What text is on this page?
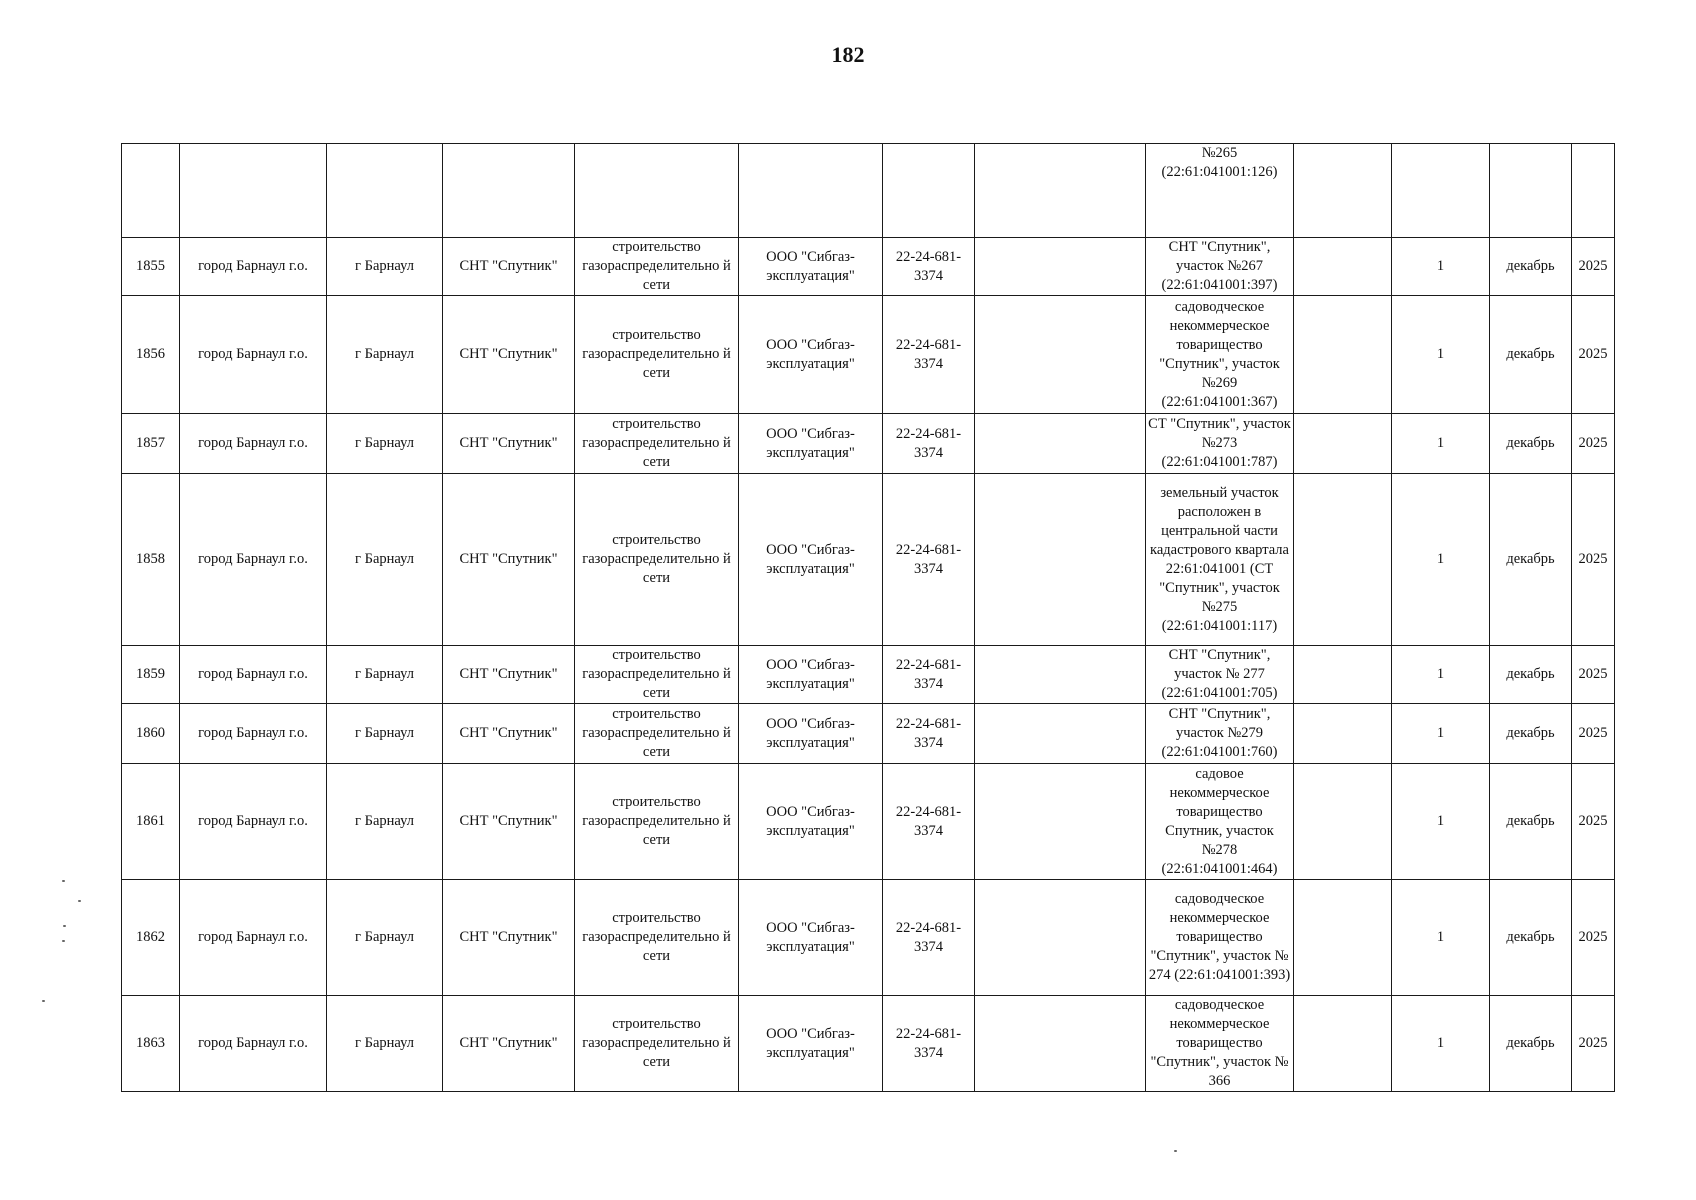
182
								№265 (22:61:041001:126)				
1855	город Барнаул г.о.	г Барнаул	СНТ "Спутник"	строительство газораспределительно й сети	ООО "Сибгаз-эксплуатация"	22-24-681-3374		СНТ "Спутник", участок №267 (22:61:041001:397)		1	декабрь	2025
1856	город Барнаул г.о.	г Барнаул	СНТ "Спутник"	строительство газораспределительно й сети	ООО "Сибгаз-эксплуатация"	22-24-681-3374		садоводческое некоммерческое товарищество "Спутник", участок №269 (22:61:041001:367)		1	декабрь	2025
1857	город Барнаул г.о.	г Барнаул	СНТ "Спутник"	строительство газораспределительно й сети	ООО "Сибгаз-эксплуатация"	22-24-681-3374		СТ "Спутник", участок №273 (22:61:041001:787)		1	декабрь	2025
1858	город Барнаул г.о.	г Барнаул	СНТ "Спутник"	строительство газораспределительно й сети	ООО "Сибгаз-эксплуатация"	22-24-681-3374		земельный участок расположен в центральной части кадастрового квартала 22:61:041001 (СТ "Спутник", участок №275 (22:61:041001:117)		1	декабрь	2025
1859	город Барнаул г.о.	г Барнаул	СНТ "Спутник"	строительство газораспределительно й сети	ООО "Сибгаз-эксплуатация"	22-24-681-3374		СНТ "Спутник", участок № 277 (22:61:041001:705)		1	декабрь	2025
1860	город Барнаул г.о.	г Барнаул	СНТ "Спутник"	строительство газораспределительно й сети	ООО "Сибгаз-эксплуатация"	22-24-681-3374		СНТ "Спутник", участок №279 (22:61:041001:760)		1	декабрь	2025
1861	город Барнаул г.о.	г Барнаул	СНТ "Спутник"	строительство газораспределительно й сети	ООО "Сибгаз-эксплуатация"	22-24-681-3374		садовое некоммерческое товарищество Спутник, участок №278 (22:61:041001:464)		1	декабрь	2025
1862	город Барнаул г.о.	г Барнаул	СНТ "Спутник"	строительство газораспределительно й сети	ООО "Сибгаз-эксплуатация"	22-24-681-3374		садоводческое некоммерческое товарищество "Спутник", участок № 274 (22:61:041001:393)		1	декабрь	2025
1863	город Барнаул г.о.	г Барнаул	СНТ "Спутник"	строительство газораспределительно й сети	ООО "Сибгаз-эксплуатация"	22-24-681-3374		садоводческое некоммерческое товарищество "Спутник", участок № 366		1	декабрь	2025
